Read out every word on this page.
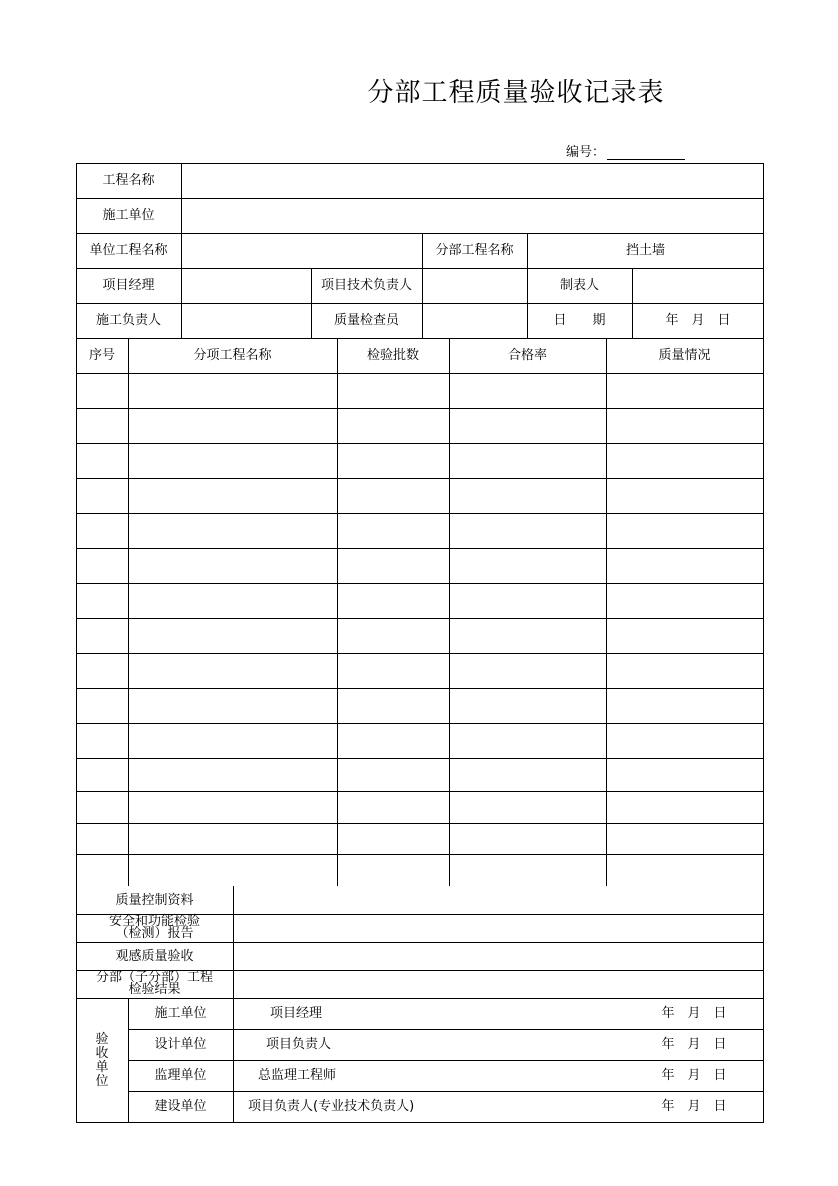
分部工程质量验收记录表
编号：
工程名称
施工单位
单位工程名称	分部工程名称	挡土墙
项目经理	项目技术负责人	制表人
施工负责人	质量检查员	日　　期	年　月　日
序号	分项工程名称	检验批数	合格率	质量情况
质量控制资料
安全和功能检验
（检测）报告
观感质量验收
分部（子分部）工程
检验结果
验
收
单
位
施工单位	项目经理	年　月　日
设计单位	项目负责人	年　月　日
监理单位	总监理工程师	年　月　日
建设单位	项目负责人(专业技术负责人)	年　月　日
